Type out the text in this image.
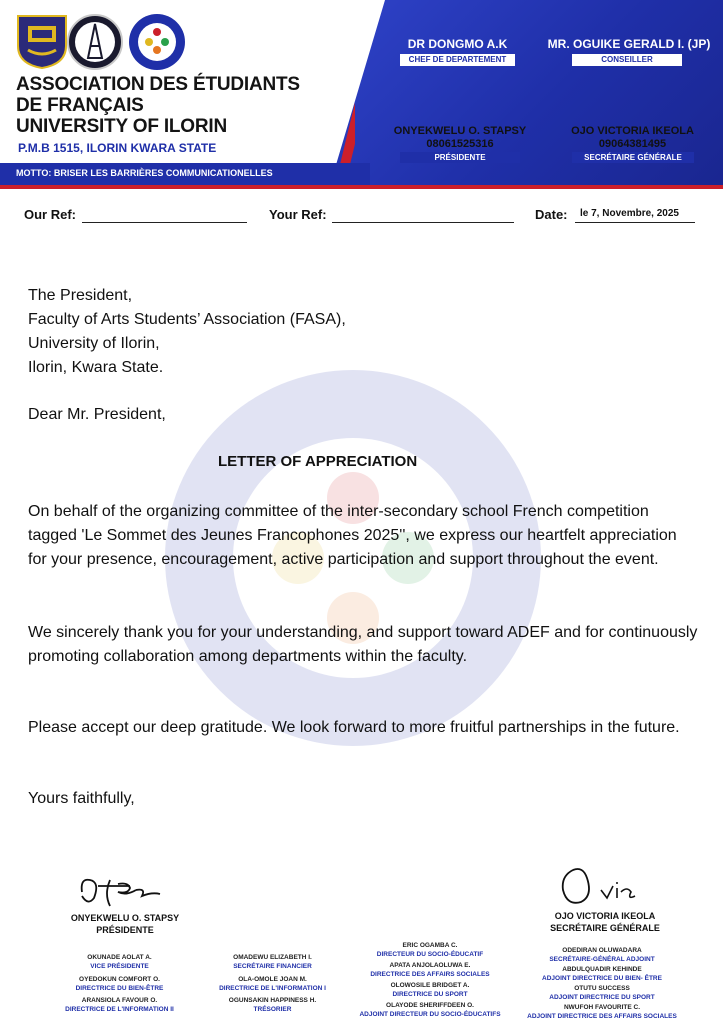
ASSOCIATION DES ÉTUDIANTS
DE FRANÇAIS
UNIVERSITY OF ILORIN
P.M.B 1515, ILORIN KWARA STATE
MOTTO: BRISER LES BARRIÈRES COMMUNICATIONELLES
DR DONGMO A.K
CHEF DE DEPARTEMENT
MR. OGUIKE GERALD I. (JP)
CONSEILLER
ONYEKWELU O. STAPSY
08061525316
PRÉSIDENTE
OJO VICTORIA IKEOLA
09064381495
SECRÉTAIRE GÉNÉRALE
Our Ref:	Your Ref:	Date: le 7, Novembre, 2025
The President,
Faculty of Arts Students’ Association (FASA),
University of Ilorin,
Ilorin, Kwara State.
Dear Mr. President,
LETTER OF APPRECIATION
On behalf of the organizing committee of the inter-secondary school French competition tagged 'Le Sommet des Jeunes Francophones 2025'', we express our heartfelt appreciation for your presence, encouragement, active participation and support throughout the event.
We sincerely thank you for your understanding, and support toward ADEF and for continuously promoting collaboration among departments within the faculty.
Please accept our deep gratitude. We look forward to more fruitful partnerships in the future.
Yours faithfully,
ONYEKWELU O. STAPSY
PRÉSIDENTE
OJO VICTORIA IKEOLA
SECRÉTAIRE GÉNÉRALE
OKUNADE AOLAT A.
VICE PRÉSIDENTE
OYEDOKUN COMFORT O.
DIRECTRICE DU BIEN-ÊTRE
ARANSIOLA FAVOUR O.
DIRECTRICE DE L'INFORMATION II
OMADEWU ELIZABETH I.
SECRÉTAIRE FINANCIER
OLA-OMOLE JOAN M.
DIRECTRICE DE L'INFORMATION I
OGUNSAKIN HAPPINESS H.
TRÉSORIER
ERIC OGAMBA C.
DIRECTEUR DU SOCIO-ÉDUCATIF
APATA ANJOLAOLUWA E.
DIRECTRICE DES AFFAIRS SOCIALES
OLOWOSILE BRIDGET A.
DIRECTRICE DU SPORT
OLAYODE SHERIFFDEEN O.
ADJOINT DIRECTEUR DU SOCIO-ÉDUCATIFS
ODEDIRAN OLUWADARA
SECRÉTAIRE-GÉNÉRAL ADJOINT
ABDULQUADIR KEHINDE
ADJOINT DIRECTRICE DU BIEN- ÊTRE
OTUTU SUCCESS
ADJOINT DIRECTRICE DU SPORT
NWUFOH FAVOURITE C.
ADJOINT DIRECTRICE DES AFFAIRS SOCIALES
